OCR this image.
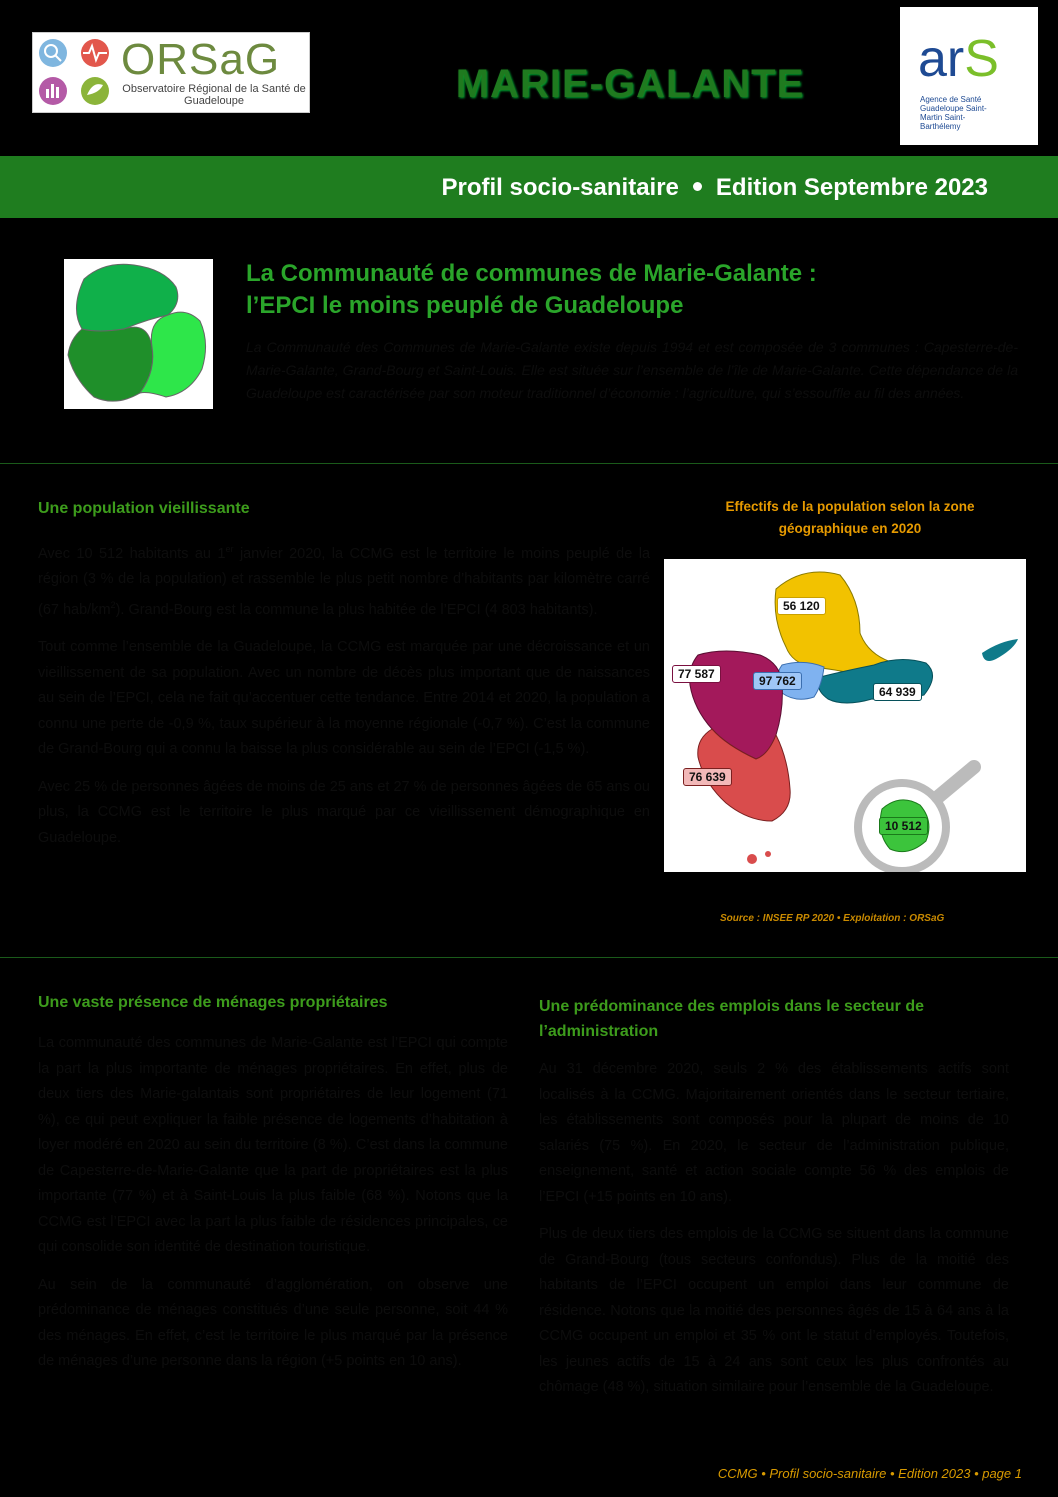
ORSaG
Observatoire Régional de la Santé de Guadeloupe	MARIE-GALANTE	arS
Agence de Santé
Guadeloupe Saint-Martin Saint-Barthélemy
Profil socio-sanitaire Edition Septembre 2023
La Communauté de communes de Marie-Galante :
l’EPCI le moins peuplé de Guadeloupe
La Communauté des Communes de Marie-Galante existe depuis 1994 et est composée de 3 communes : Capesterre-de-Marie-Galante, Grand-Bourg et Saint-Louis. Elle est située sur l’ensemble de l’île de Marie-Galante. Cette dépendance de la Guadeloupe est caractérisée par son moteur traditionnel d’économie : l’agriculture, qui s’essouffle au fil des années.
Une population vieillissante

Avec 10 512 habitants au 1er janvier 2020, la CCMG est le territoire le moins peuplé de la région (3 % de la population) et rassemble le plus petit nombre d’habitants par kilomètre carré (67 hab/$km^2$). Grand-Bourg est la commune la plus habitée de l’EPCI (4 803 habitants).

Tout comme l’ensemble de la Guadeloupe, la CCMG est marquée par une décroissance et un vieillissement de sa population. Avec un nombre de décès plus important que de naissances au sein de l’EPCI, cela ne fait qu’accentuer cette tendance. Entre 2014 et 2020, la population a connu une perte de -0,9 %, taux supérieur à la moyenne régionale (-0,7 %). C’est la commune de Grand-Bourg qui a connu la baisse la plus considérable au sein de l’EPCI (-1,5 %).

Avec 25 % de personnes âgées de moins de 25 ans et 27 % de personnes âgées de 65 ans ou plus, la CCMG est le territoire le plus marqué par ce vieillissement démographique en Guadeloupe.

Effectifs de la population selon la zone
géographique en 2020
56 120
77 587	97 762
64 939
76 639
10 512
Source : INSEE RP 2020 • Exploitation : ORSaG
Une vaste présence de ménages propriétaires

La communauté des communes de Marie-Galante est l’EPCI qui compte la part la plus importante de ménages propriétaires. En effet, plus de deux tiers des Marie-galantais sont propriétaires de leur logement (71 %), ce qui peut expliquer la faible présence de logements d’habitation à loyer modéré en 2020 au sein du territoire (8 %). C’est dans la commune de Capesterre-de-Marie-Galante que la part de propriétaires est la plus importante (77 %) et à Saint-Louis la plus faible (68 %). Notons que la CCMG est l’EPCI avec la part la plus faible de résidences principales, ce qui consolide son identité de destination touristique.

Au sein de la communauté d’agglomération, on observe une prédominance de ménages constitués d’une seule personne, soit 44 % des ménages. En effet, c’est le territoire le plus marqué par la présence de ménages d’une personne dans la région (+5 points en 10 ans).

Une prédominance des emplois dans le secteur de l’administration

Au 31 décembre 2020, seuls 2 % des établissements actifs sont localisés à la CCMG. Majoritairement orientés dans le secteur tertiaire, les établissements sont composés pour la plupart de moins de 10 salariés (75 %). En 2020, le secteur de l’administration publique, enseignement, santé et action sociale compte 56 % des emplois de l’EPCI (+15 points en 10 ans).

Plus de deux tiers des emplois de la CCMG se situent dans la commune de Grand-Bourg (tous secteurs confondus). Plus de la moitié des habitants de l’EPCI occupent un emploi dans leur commune de résidence. Notons que la moitié des personnes âgés de 15 à 64 ans à la CCMG occupent un emploi et 35 % ont le statut d’employés. Toutefois, les jeunes actifs de 15 à 24 ans sont ceux les plus confrontés au chômage (48 %), situation similaire pour l’ensemble de la Guadeloupe.

CCMG • Profil socio-sanitaire • Edition 2023 • page 1
